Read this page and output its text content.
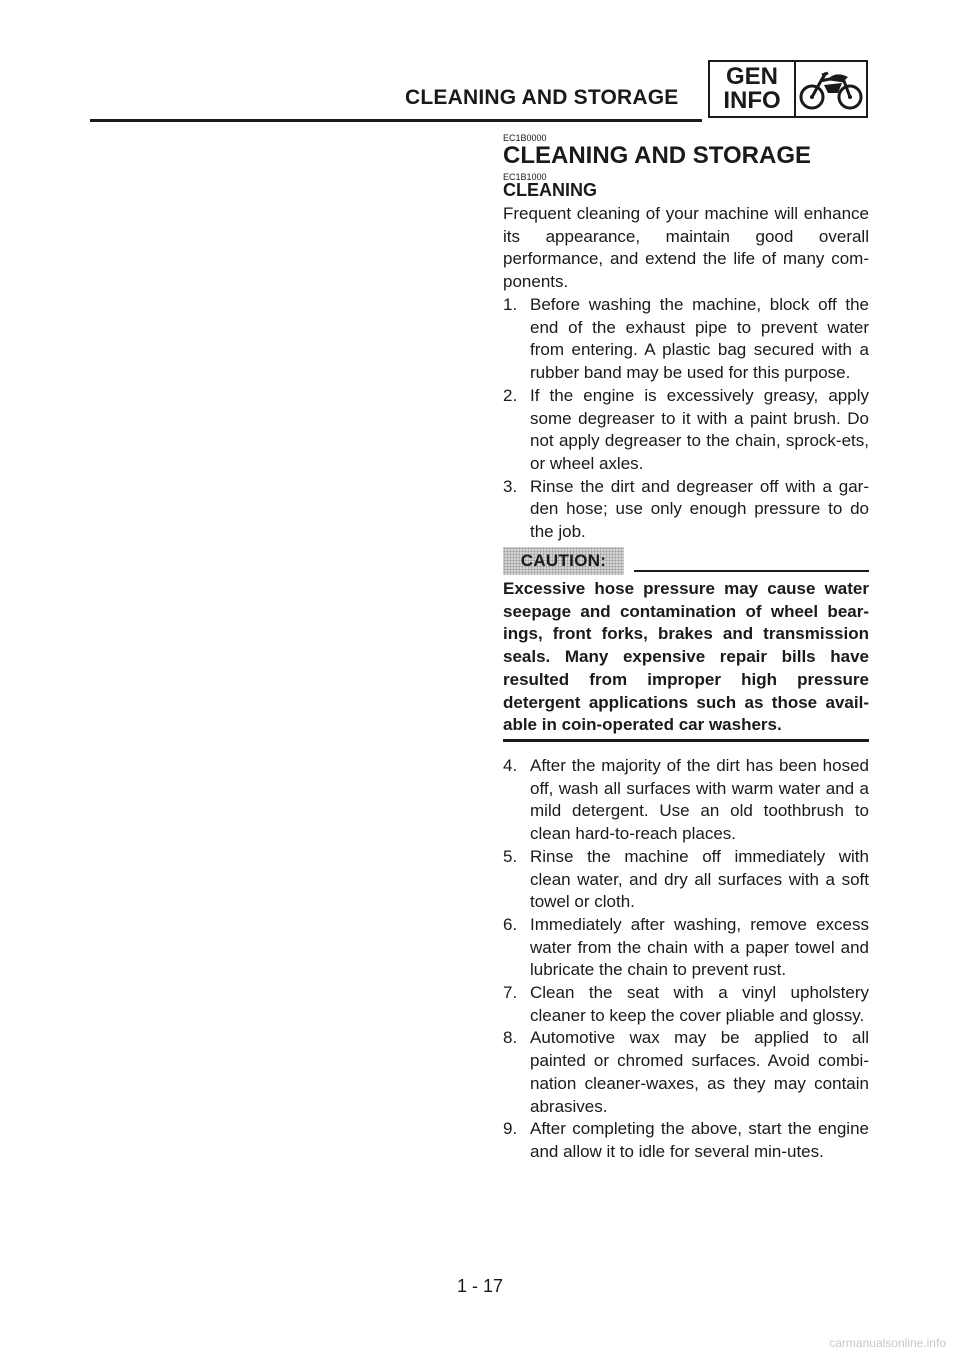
CLEANING AND STORAGE
GEN
INFO
EC1B0000
CLEANING AND STORAGE
EC1B1000
CLEANING
Frequent cleaning of your machine will enhance its appearance, maintain good overall performance, and extend the life of many com-ponents.
1. Before washing the machine, block off the end of the exhaust pipe to prevent water from entering. A plastic bag secured with a rubber band may be used for this purpose.
2. If the engine is excessively greasy, apply some degreaser to it with a paint brush. Do not apply degreaser to the chain, sprock-ets, or wheel axles.
3. Rinse the dirt and degreaser off with a gar-den hose; use only enough pressure to do the job.
CAUTION:
Excessive hose pressure may cause water seepage and contamination of wheel bear-ings, front forks, brakes and transmission seals. Many expensive repair bills have resulted from improper high pressure detergent applications such as those avail-able in coin-operated car washers.
4. After the majority of the dirt has been hosed off, wash all surfaces with warm water and a mild detergent. Use an old toothbrush to clean hard-to-reach places.
5. Rinse the machine off immediately with clean water, and dry all surfaces with a soft towel or cloth.
6. Immediately after washing, remove excess water from the chain with a paper towel and lubricate the chain to prevent rust.
7. Clean the seat with a vinyl upholstery cleaner to keep the cover pliable and glossy.
8. Automotive wax may be applied to all painted or chromed surfaces. Avoid combi-nation cleaner-waxes, as they may contain abrasives.
9. After completing the above, start the engine and allow it to idle for several min-utes.
1 - 17
carmanualsonline.info
